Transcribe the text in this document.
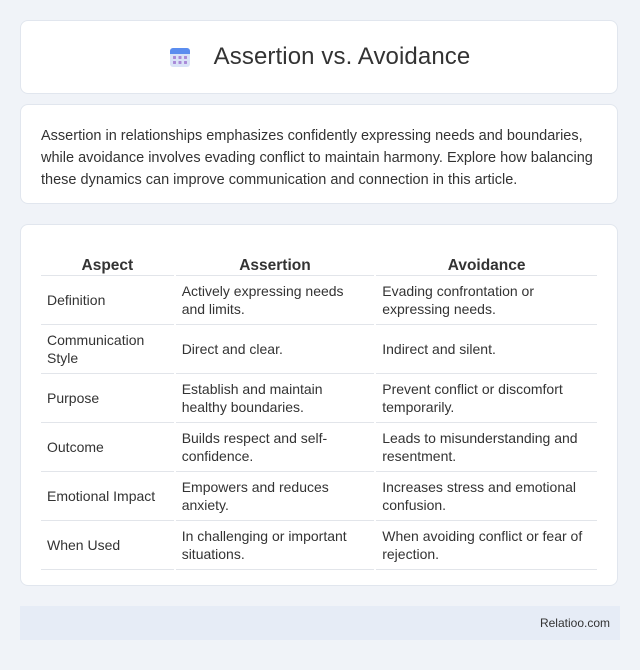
Assertion vs. Avoidance

Assertion in relationships emphasizes confidently expressing needs and boundaries, while avoidance involves evading conflict to maintain harmony. Explore how balancing these dynamics can improve communication and connection in this article.

Aspect	Assertion	Avoidance
Definition	Actively expressing needs and limits.	Evading confrontation or expressing needs.
Communication Style	Direct and clear.	Indirect and silent.
Purpose	Establish and maintain healthy boundaries.	Prevent conflict or discomfort temporarily.
Outcome	Builds respect and self-confidence.	Leads to misunderstanding and resentment.
Emotional Impact	Empowers and reduces anxiety.	Increases stress and emotional confusion.
When Used	In challenging or important situations.	When avoiding conflict or fear of rejection.
Relatioo.com
